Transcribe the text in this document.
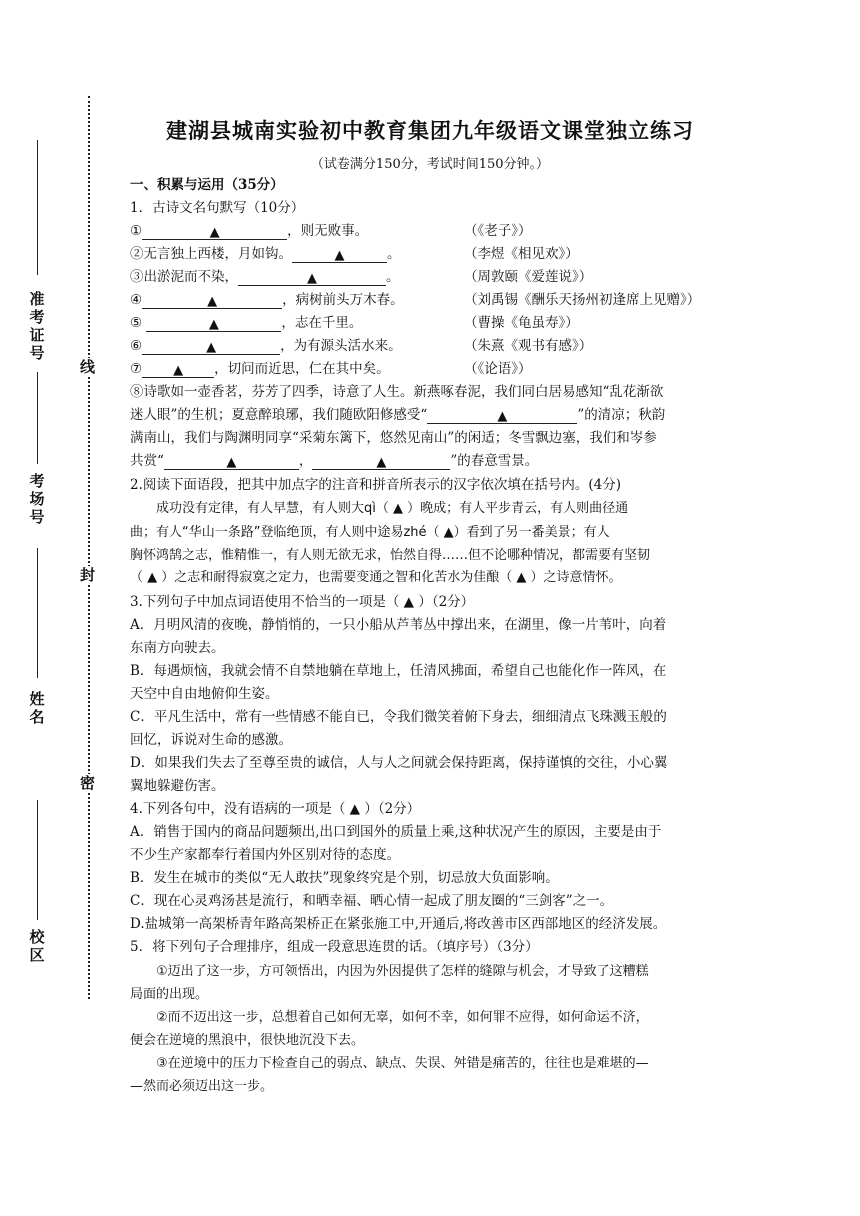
线
封
密
准
考
证
号
考
场
号
姓
名
校
区
建湖县城南实验初中教育集团九年级语文课堂独立练习
（试卷满分150分，考试时间150分钟。）
一、积累与运用（35分）
1．古诗文名句默写（10分）
①	▲	，则无败事。	（《老子》）
②无言独上西楼，月如钩。	▲	。	（李煜《相见欢》）
③出淤泥而不染，	▲	。	（周敦颐《爱莲说》）
④	▲	，病树前头万木春。	（刘禹锡《酬乐天扬州初逢席上见赠》）
⑤	▲	，志在千里。	（曹操《龟虽寿》）
⑥	▲	，为有源头活水来。	（朱熹《观书有感》）
⑦ ▲ ，切问而近思，仁在其中矣。	（《论语》）
⑧诗歌如一壶香茗，芬芳了四季，诗意了人生。新燕啄春泥，我们同白居易感知“乱花渐欲
迷人眼”的生机；夏意醉琅琊，我们随欧阳修感受“	▲	”的清凉；秋韵
满南山，我们与陶渊明同享“采菊东篱下，悠然见南山”的闲适；冬雪飘边塞，我们和岑参
共赏“	▲	，	▲	”的春意雪景。
2.阅读下面语段，把其中加点字的注音和拼音所表示的汉字依次填在括号内。(4分)
成功没有定律，有人早慧，有人则大qì（ ▲ ）晚成；有人平步青云，有人则曲径通
曲；有人“华山一条路”登临绝顶，有人则中途易zhé（ ▲）看到了另一番美景；有人
胸怀鸿鹄之志，惟精惟一，有人则无欲无求，怡然自得……但不论哪种情况，都需要有坚韧
（ ▲ ）之志和耐得寂寞之定力，也需要变通之智和化苦水为佳酿（ ▲ ）之诗意情怀。
3.下列句子中加点词语使用不恰当的一项是（ ▲ ）（2分）
A．月明风清的夜晚，静悄悄的，一只小船从芦苇丛中撑出来，在湖里，像一片苇叶，向着
东南方向驶去。
B．每遇烦恼，我就会情不自禁地躺在草地上，任清风拂面，希望自己也能化作一阵风，在
天空中自由地俯仰生姿。
C．平凡生活中，常有一些情感不能自已，令我们微笑着俯下身去，细细清点飞珠溅玉般的
回忆，诉说对生命的感激。
D．如果我们失去了至尊至贵的诚信，人与人之间就会保持距离，保持谨慎的交往，小心翼
翼地躲避伤害。
4.下列各句中，没有语病的一项是（ ▲ ）（2分）
A．销售于国内的商品问题频出,出口到国外的质量上乘,这种状况产生的原因，主要是由于
不少生产家都奉行着国内外区别对待的态度。
B．发生在城市的类似“无人敢扶”现象终究是个别，切忌放大负面影响。
C．现在心灵鸡汤甚是流行，和晒幸福、晒心情一起成了朋友圈的“三剑客”之一。
D.盐城第一高架桥青年路高架桥正在紧张施工中,开通后,将改善市区西部地区的经济发展。
5．将下列句子合理排序，组成一段意思连贯的话。（填序号）（3分）
①迈出了这一步，方可领悟出，内因为外因提供了怎样的缝隙与机会，才导致了这糟糕
局面的出现。
②而不迈出这一步，总想着自己如何无辜，如何不幸，如何罪不应得，如何命运不济，
便会在逆境的黑浪中，很快地沉没下去。
③在逆境中的压力下检查自己的弱点、缺点、失误、舛错是痛苦的，往往也是难堪的—
—然而必须迈出这一步。
